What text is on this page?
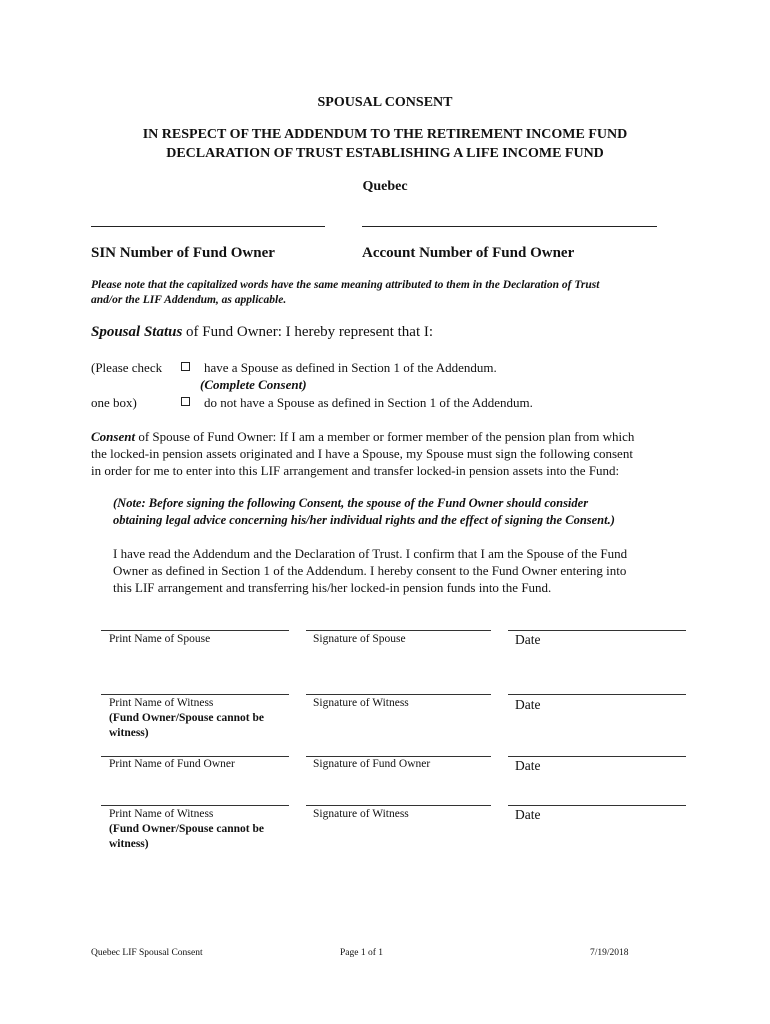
SPOUSAL CONSENT
IN RESPECT OF THE ADDENDUM TO THE RETIREMENT INCOME FUND
DECLARATION OF TRUST ESTABLISHING A LIFE INCOME FUND
Quebec
SIN Number of Fund Owner	Account Number of Fund Owner
Please note that the capitalized words have the same meaning attributed to them in the Declaration of Trust
and/or the LIF Addendum, as applicable.
Spousal Status of Fund Owner: I hereby represent that I:
(Please check
one box)
have a Spouse as defined in Section 1 of the Addendum.
(Complete Consent)
do not have a Spouse as defined in Section 1 of the Addendum.
Consent of Spouse of Fund Owner: If I am a member or former member of the pension plan from which
the locked-in pension assets originated and I have a Spouse, my Spouse must sign the following consent
in order for me to enter into this LIF arrangement and transfer locked-in pension assets into the Fund:
(Note: Before signing the following Consent, the spouse of the Fund Owner should consider
obtaining legal advice concerning his/her individual rights and the effect of signing the Consent.)
I have read the Addendum and the Declaration of Trust. I confirm that I am the Spouse of the Fund
Owner as defined in Section 1 of the Addendum. I hereby consent to the Fund Owner entering into
this LIF arrangement and transferring his/her locked-in pension funds into the Fund.
Print Name of Spouse	Signature of Spouse	Date
Print Name of Witness
(Fund Owner/Spouse cannot be
witness)
Signature of Witness	Date
Print Name of Fund Owner	Signature of Fund Owner	Date
Print Name of Witness
(Fund Owner/Spouse cannot be
witness)
Signature of Witness	Date
Quebec LIF Spousal Consent	Page 1 of 1	7/19/2018
